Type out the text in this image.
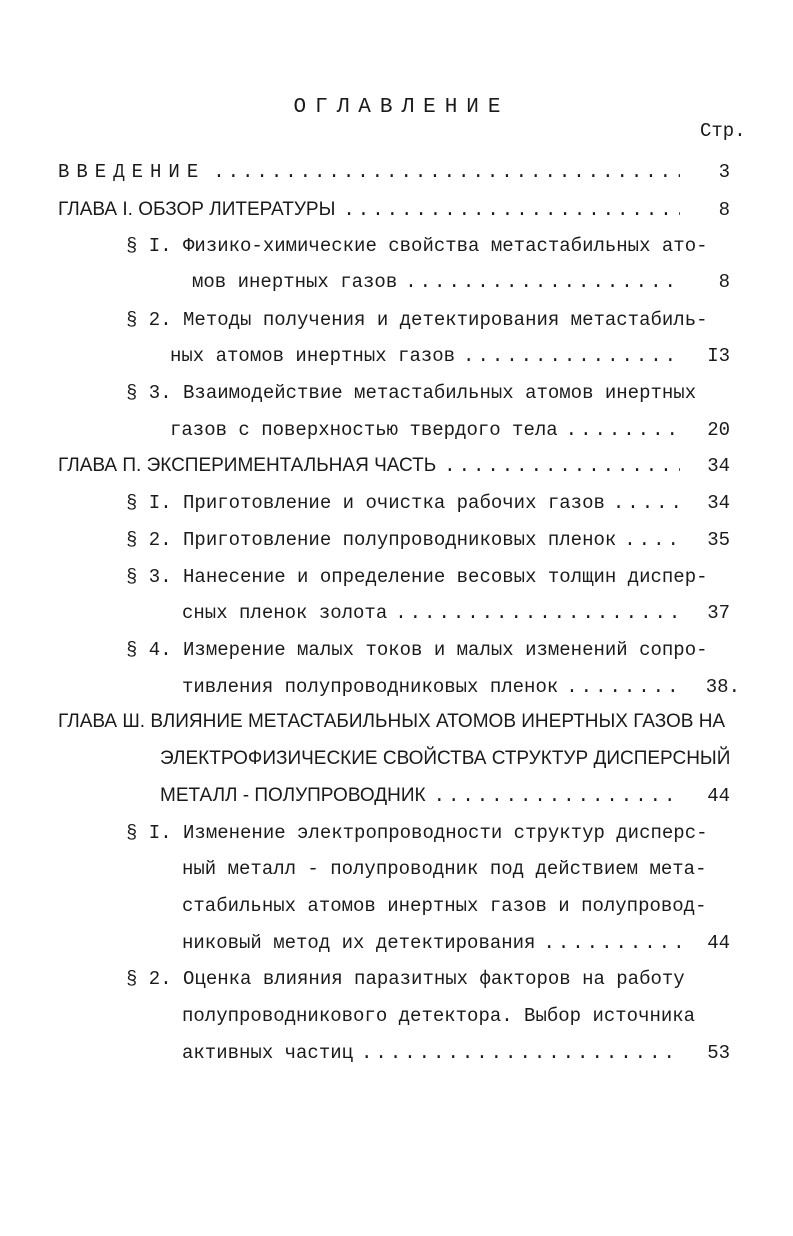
ОГЛАВЛЕНИЕ
Стр.
ВВЕДЕНИЕ .....	3
ГЛАВА I. ОБЗОР ЛИТЕРАТУРЫ .....	8
§ I. Физико-химические свойства метастабильных ато-
мов инертных газов .....	8
§ 2. Методы получения и детектирования метастабиль-
ных атомов инертных газов .....	I3
§ 3. Взаимодействие метастабильных атомов инертных
газов с поверхностью твердого тела .....	20
ГЛАВА П. ЭКСПЕРИМЕНТАЛЬНАЯ ЧАСТЬ .....	34
§ I. Приготовление и очистка рабочих газов .....	34
§ 2. Приготовление полупроводниковых пленок .....	35
§ 3. Нанесение и определение весовых толщин диспер-
сных пленок золота .....	37
§ 4. Измерение малых токов и малых изменений сопро-
тивления полупроводниковых пленок .....	38.
ГЛАВА Ш. ВЛИЯНИЕ МЕТАСТАБИЛЬНЫХ АТОМОВ ИНЕРТНЫХ ГАЗОВ НА
ЭЛЕКТРОФИЗИЧЕСКИЕ СВОЙСТВА СТРУКТУР ДИСПЕРСНЫЙ
МЕТАЛЛ - ПОЛУПРОВОДНИК .....	44
§ I. Изменение электропроводности структур дисперс-
ный металл - полупроводник под действием мета-
стабильных атомов инертных газов и полупровод-
никовый метод их детектирования .....	44
§ 2. Оценка влияния паразитных факторов на работу
полупроводникового детектора. Выбор источника
активных частиц .....	53
